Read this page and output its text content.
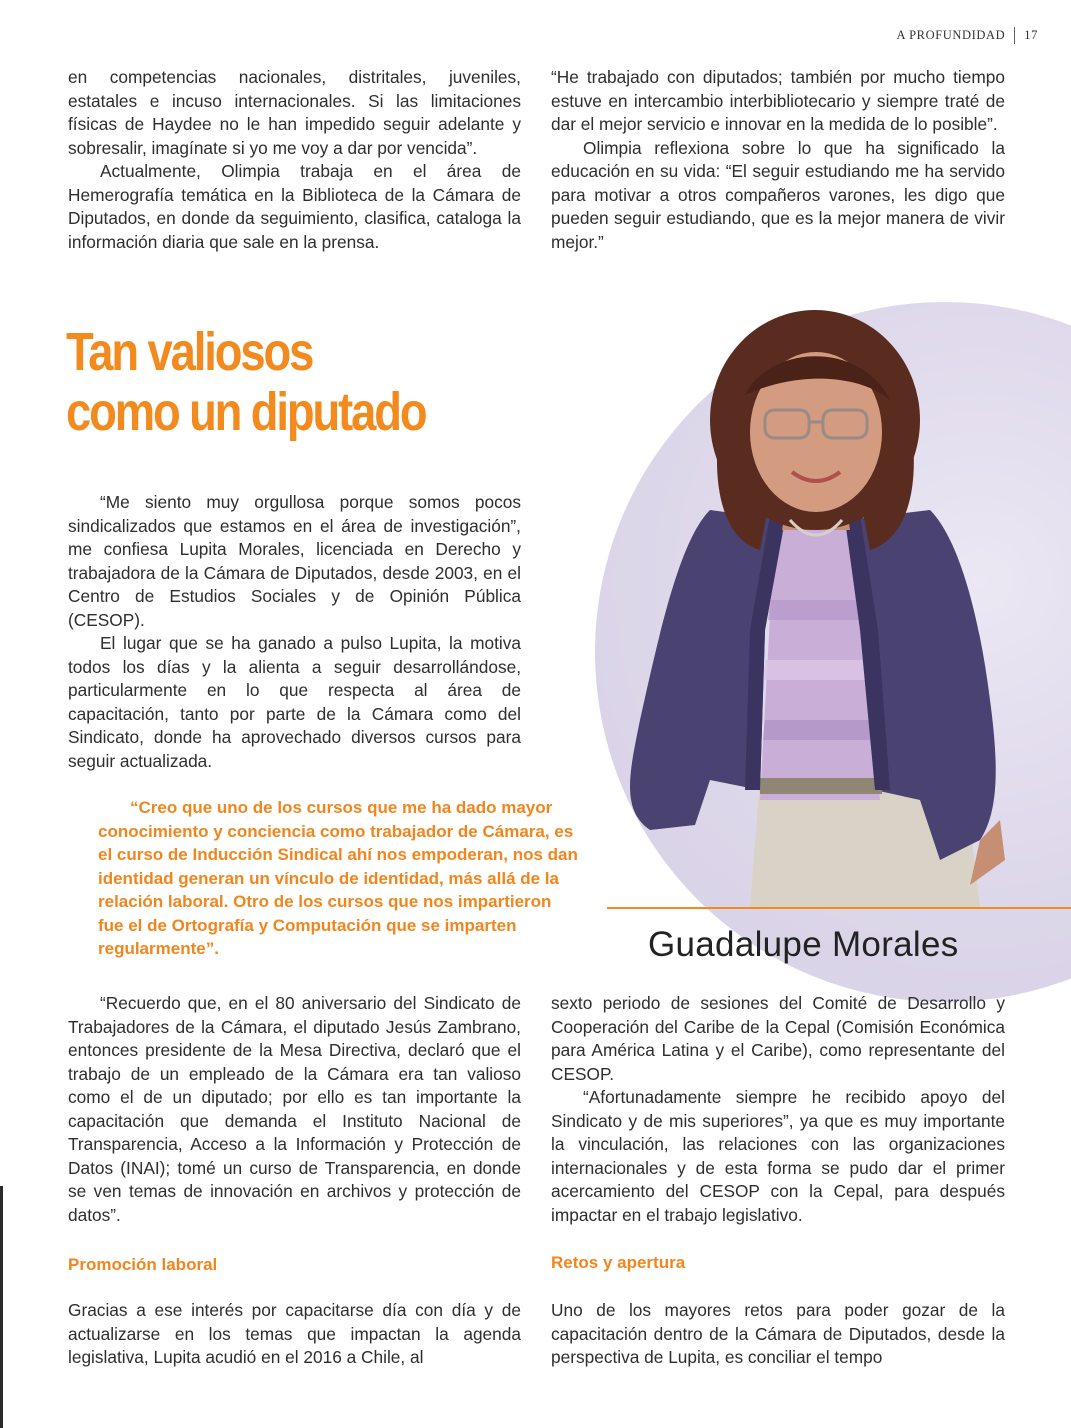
A PROFUNDIDAD 17

en competencias nacionales, distritales, juveniles, estatales e incuso internacionales. Si las limitaciones físicas de Haydee no le han impedido seguir adelante y sobresalir, imagínate si yo me voy a dar por vencida”.

Actualmente, Olimpia trabaja en el área de Hemerografía temática en la Biblioteca de la Cámara de Diputados, en donde da seguimiento, clasifica, cataloga la información diaria que sale en la prensa.

“He trabajado con diputados; también por mucho tiempo estuve en intercambio interbibliotecario y siempre traté de dar el mejor servicio e innovar en la medida de lo posible”.

Olimpia reflexiona sobre lo que ha significado la educación en su vida: “El seguir estudiando me ha servido para motivar a otros compañeros varones, les digo que pueden seguir estudiando, que es la mejor manera de vivir mejor.”

Guadalupe Morales
Tan valiosos
como un diputado

“Me siento muy orgullosa porque somos pocos sindicalizados que estamos en el área de investigación”, me confiesa Lupita Morales, licenciada en Derecho y trabajadora de la Cámara de Diputados, desde 2003, en el Centro de Estudios Sociales y de Opinión Pública (CESOP).

El lugar que se ha ganado a pulso Lupita, la motiva todos los días y la alienta a seguir desarrollándose, particularmente en lo que respecta al área de capacitación, tanto por parte de la Cámara como del Sindicato, donde ha aprovechado diversos cursos para seguir actualizada.

“Creo que uno de los cursos que me ha dado mayor conocimiento y conciencia como trabajador de Cámara, es el curso de Inducción Sindical ahí nos empoderan, nos dan identidad generan un vínculo de identidad, más allá de la relación laboral. Otro de los cursos que nos impartieron fue el de Ortografía y Computación que se imparten regularmente”.

“Recuerdo que, en el 80 aniversario del Sindicato de Trabajadores de la Cámara, el diputado Jesús Zambrano, entonces presidente de la Mesa Directiva, declaró que el trabajo de un empleado de la Cámara era tan valioso como el de un diputado; por ello es tan importante la capacitación que demanda el Instituto Nacional de Transparencia, Acceso a la Información y Protección de Datos (INAI); tomé un curso de Transparencia, en donde se ven temas de innovación en archivos y protección de datos”.

sexto periodo de sesiones del Comité de Desarrollo y Cooperación del Caribe de la Cepal (Comisión Económica para América Latina y el Caribe), como representante del CESOP.

“Afortunadamente siempre he recibido apoyo del Sindicato y de mis superiores”, ya que es muy importante la vinculación, las relaciones con las organizaciones internacionales y de esta forma se pudo dar el primer acercamiento del CESOP con la Cepal, para después impactar en el trabajo legislativo.

Promoción laboral	Retos y apertura

Gracias a ese interés por capacitarse día con día y de actualizarse en los temas que impactan la agenda legislativa, Lupita acudió en el 2016 a Chile, al

Uno de los mayores retos para poder gozar de la capacitación dentro de la Cámara de Diputados, desde la perspectiva de Lupita, es conciliar el tempo
